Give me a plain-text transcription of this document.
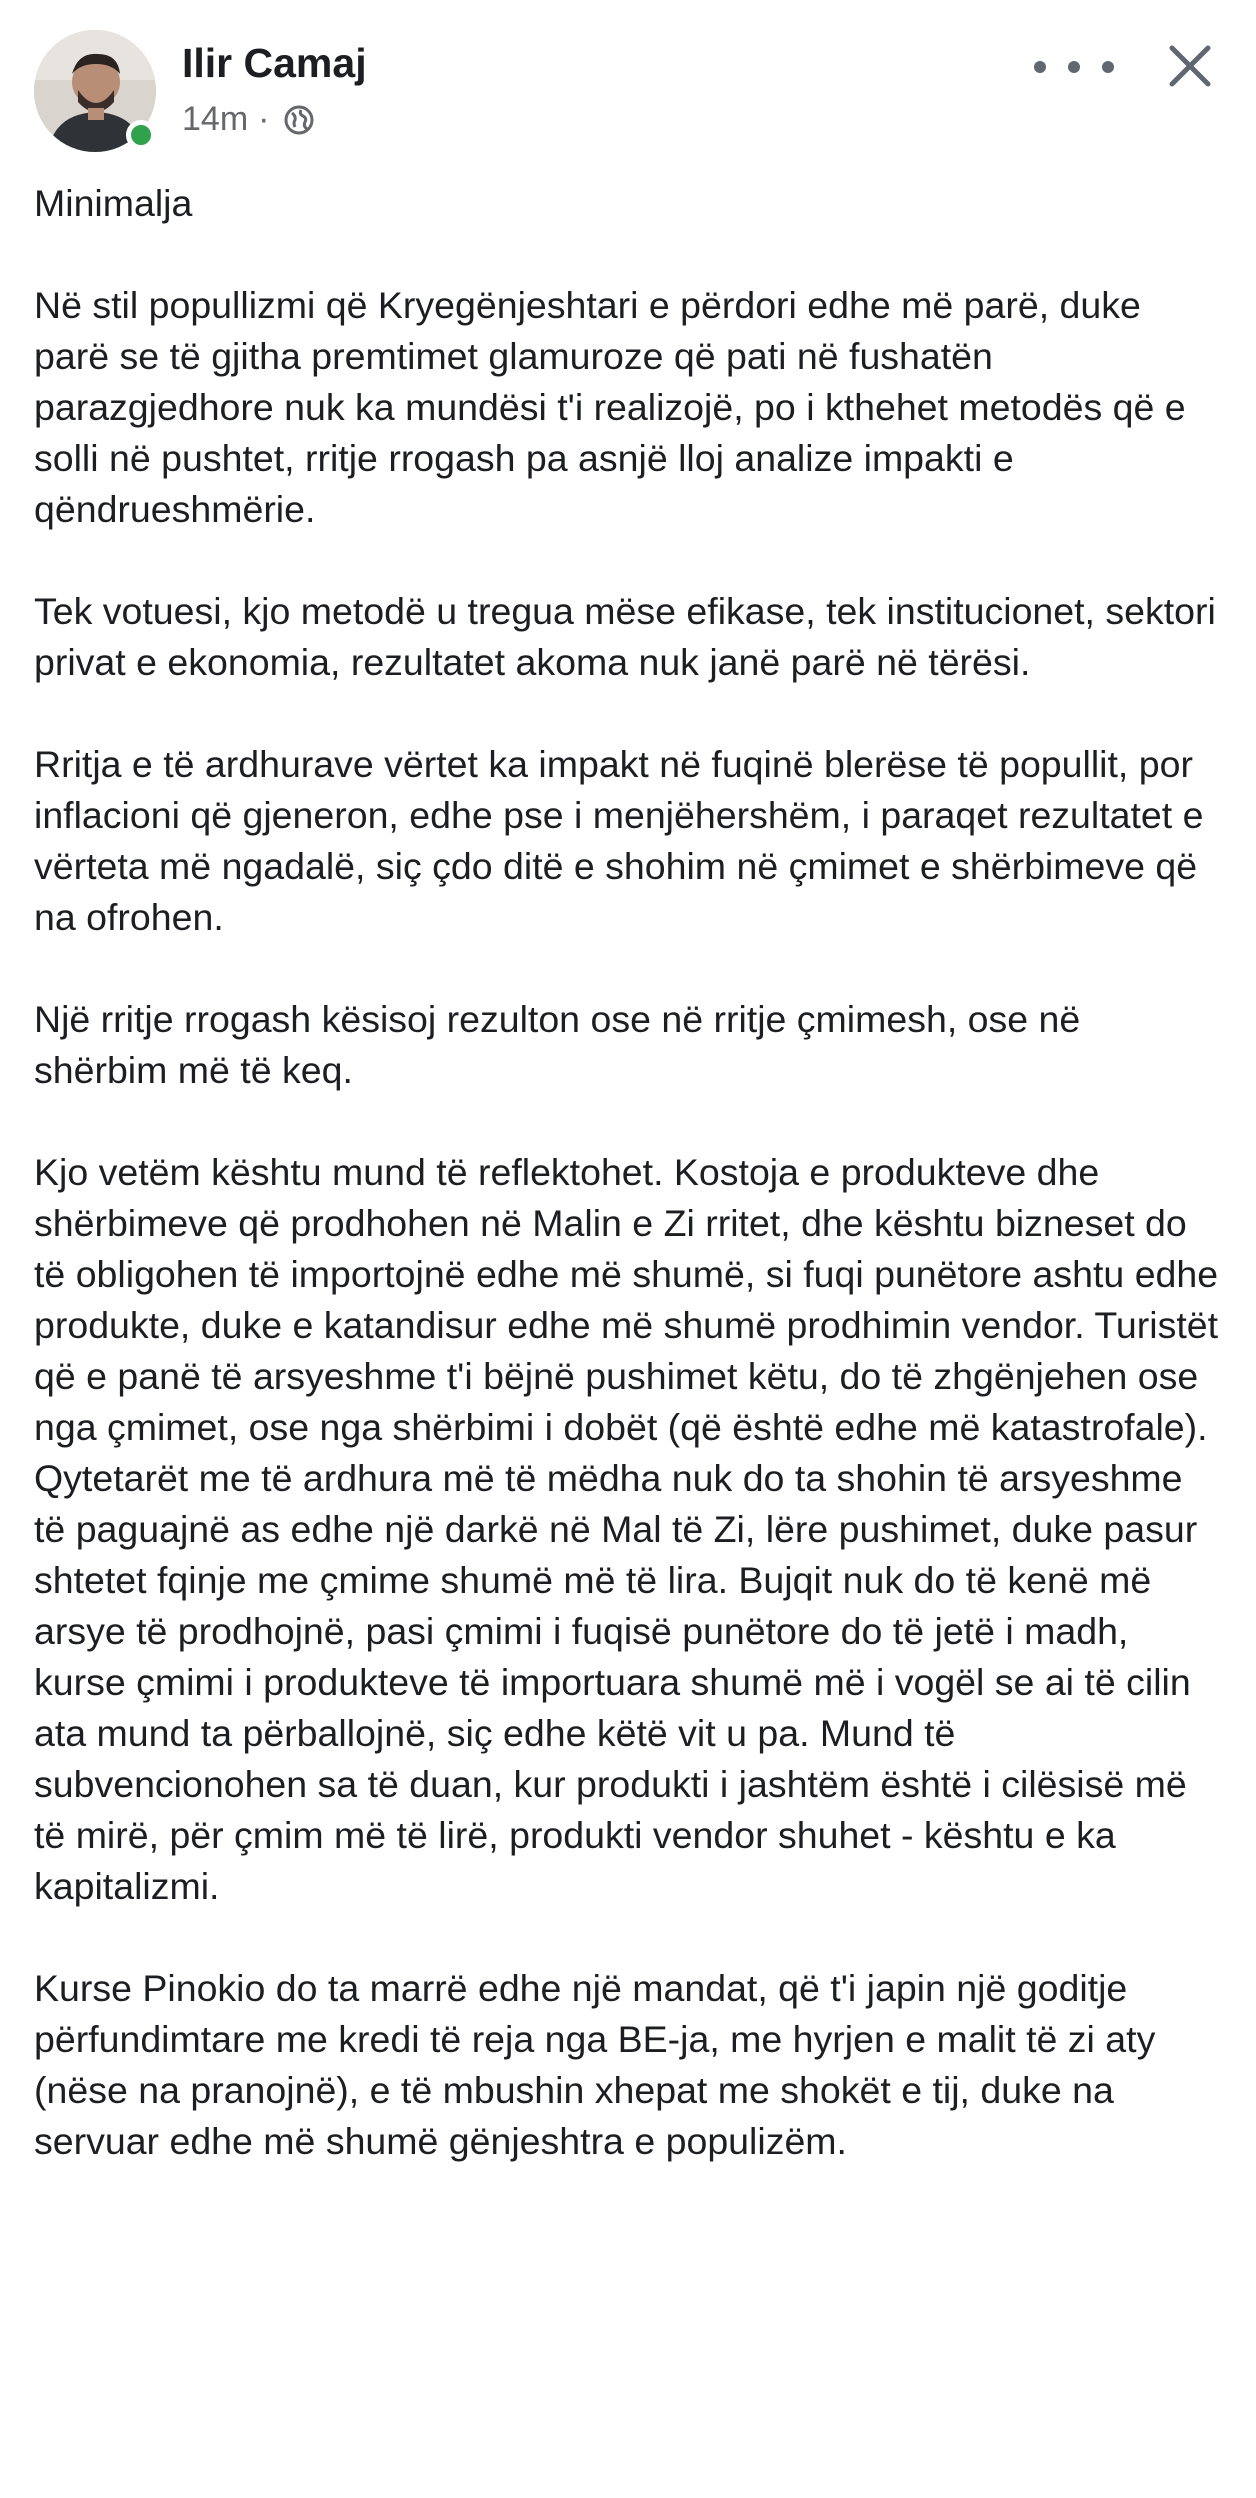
Ilir Camaj
14m ·

Minimalja

Në stil popullizmi që Kryegënjeshtari e përdori edhe më parë, duke parë se të gjitha premtimet glamuroze që pati në fushatën parazgjedhore nuk ka mundësi t'i realizojë, po i kthehet metodës që e solli në pushtet, rritje rrogash pa asnjë lloj analize impakti e qëndrueshmërie.

Tek votuesi, kjo metodë u tregua mëse efikase, tek institucionet, sektori privat e ekonomia, rezultatet akoma nuk janë parë në tërësi.

Rritja e të ardhurave vërtet ka impakt në fuqinë blerëse të popullit, por inflacioni që gjeneron, edhe pse i menjëhershëm, i paraqet rezultatet e vërteta më ngadalë, siç çdo ditë e shohim në çmimet e shërbimeve që na ofrohen.

Një rritje rrogash kësisoj rezulton ose në rritje çmimesh, ose në shërbim më të keq.

Kjo vetëm kështu mund të reflektohet. Kostoja e produkteve dhe shërbimeve që prodhohen në Malin e Zi rritet, dhe kështu bizneset do të obligohen të importojnë edhe më shumë, si fuqi punëtore ashtu edhe produkte, duke e katandisur edhe më shumë prodhimin vendor. Turistët që e panë të arsyeshme t'i bëjnë pushimet këtu, do të zhgënjehen ose nga çmimet, ose nga shërbimi i dobët (që është edhe më katastrofale). Qytetarët me të ardhura më të mëdha nuk do ta shohin të arsyeshme të paguajnë as edhe një darkë në Mal të Zi, lëre pushimet, duke pasur shtetet fqinje me çmime shumë më të lira. Bujqit nuk do të kenë më arsye të prodhojnë, pasi çmimi i fuqisë punëtore do të jetë i madh, kurse çmimi i produkteve të importuara shumë më i vogël se ai të cilin ata mund ta përballojnë, siç edhe këtë vit u pa. Mund të subvencionohen sa të duan, kur produkti i jashtëm është i cilësisë më të mirë, për çmim më të lirë, produkti vendor shuhet - kështu e ka kapitalizmi.

Kurse Pinokio do ta marrë edhe një mandat, që t'i japin një goditje përfundimtare me kredi të reja nga BE-ja, me hyrjen e malit të zi aty (nëse na pranojnë), e të mbushin xhepat me shokët e tij, duke na servuar edhe më shumë gënjeshtra e populizëm.
